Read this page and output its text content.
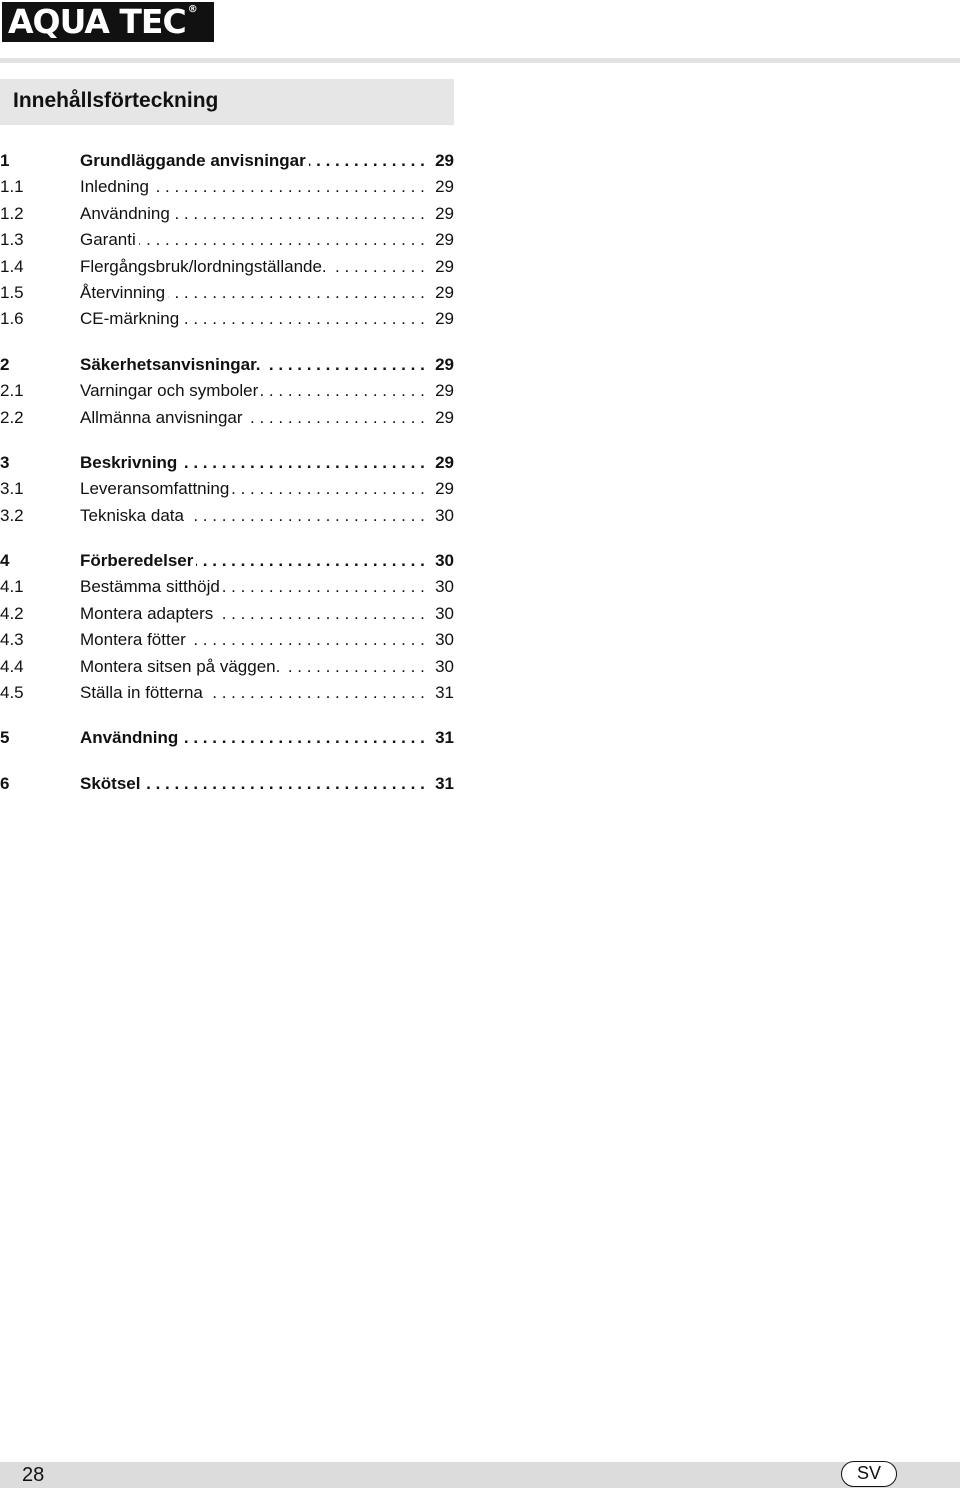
AQUA TEC ®
Innehållsförteckning
1	Grundläggande anvisningar . . .	29
1.1	Inledning . . .	29
1.2	Användning . . .	29
1.3	Garanti . . .	29
1.4	Flergångsbruk/lordningställande. . . .	29
1.5	Återvinning . . .	29
1.6	CE-märkning . . .	29
2	Säkerhetsanvisningar. . . .	29
2.1	Varningar och symboler . . .	29
2.2	Allmänna anvisningar . . .	29
3	Beskrivning . . .	29
3.1	Leveransomfattning . . .	29
3.2	Tekniska data . . .	30
4	Förberedelser . . .	30
4.1	Bestämma sitthöjd . . .	30
4.2	Montera adapters . . .	30
4.3	Montera fötter . . .	30
4.4	Montera sitsen på väggen. . . .	30
4.5	Ställa in fötterna . . .	31
5	Användning . . .	31
6	Skötsel . . .	31
28	SV
